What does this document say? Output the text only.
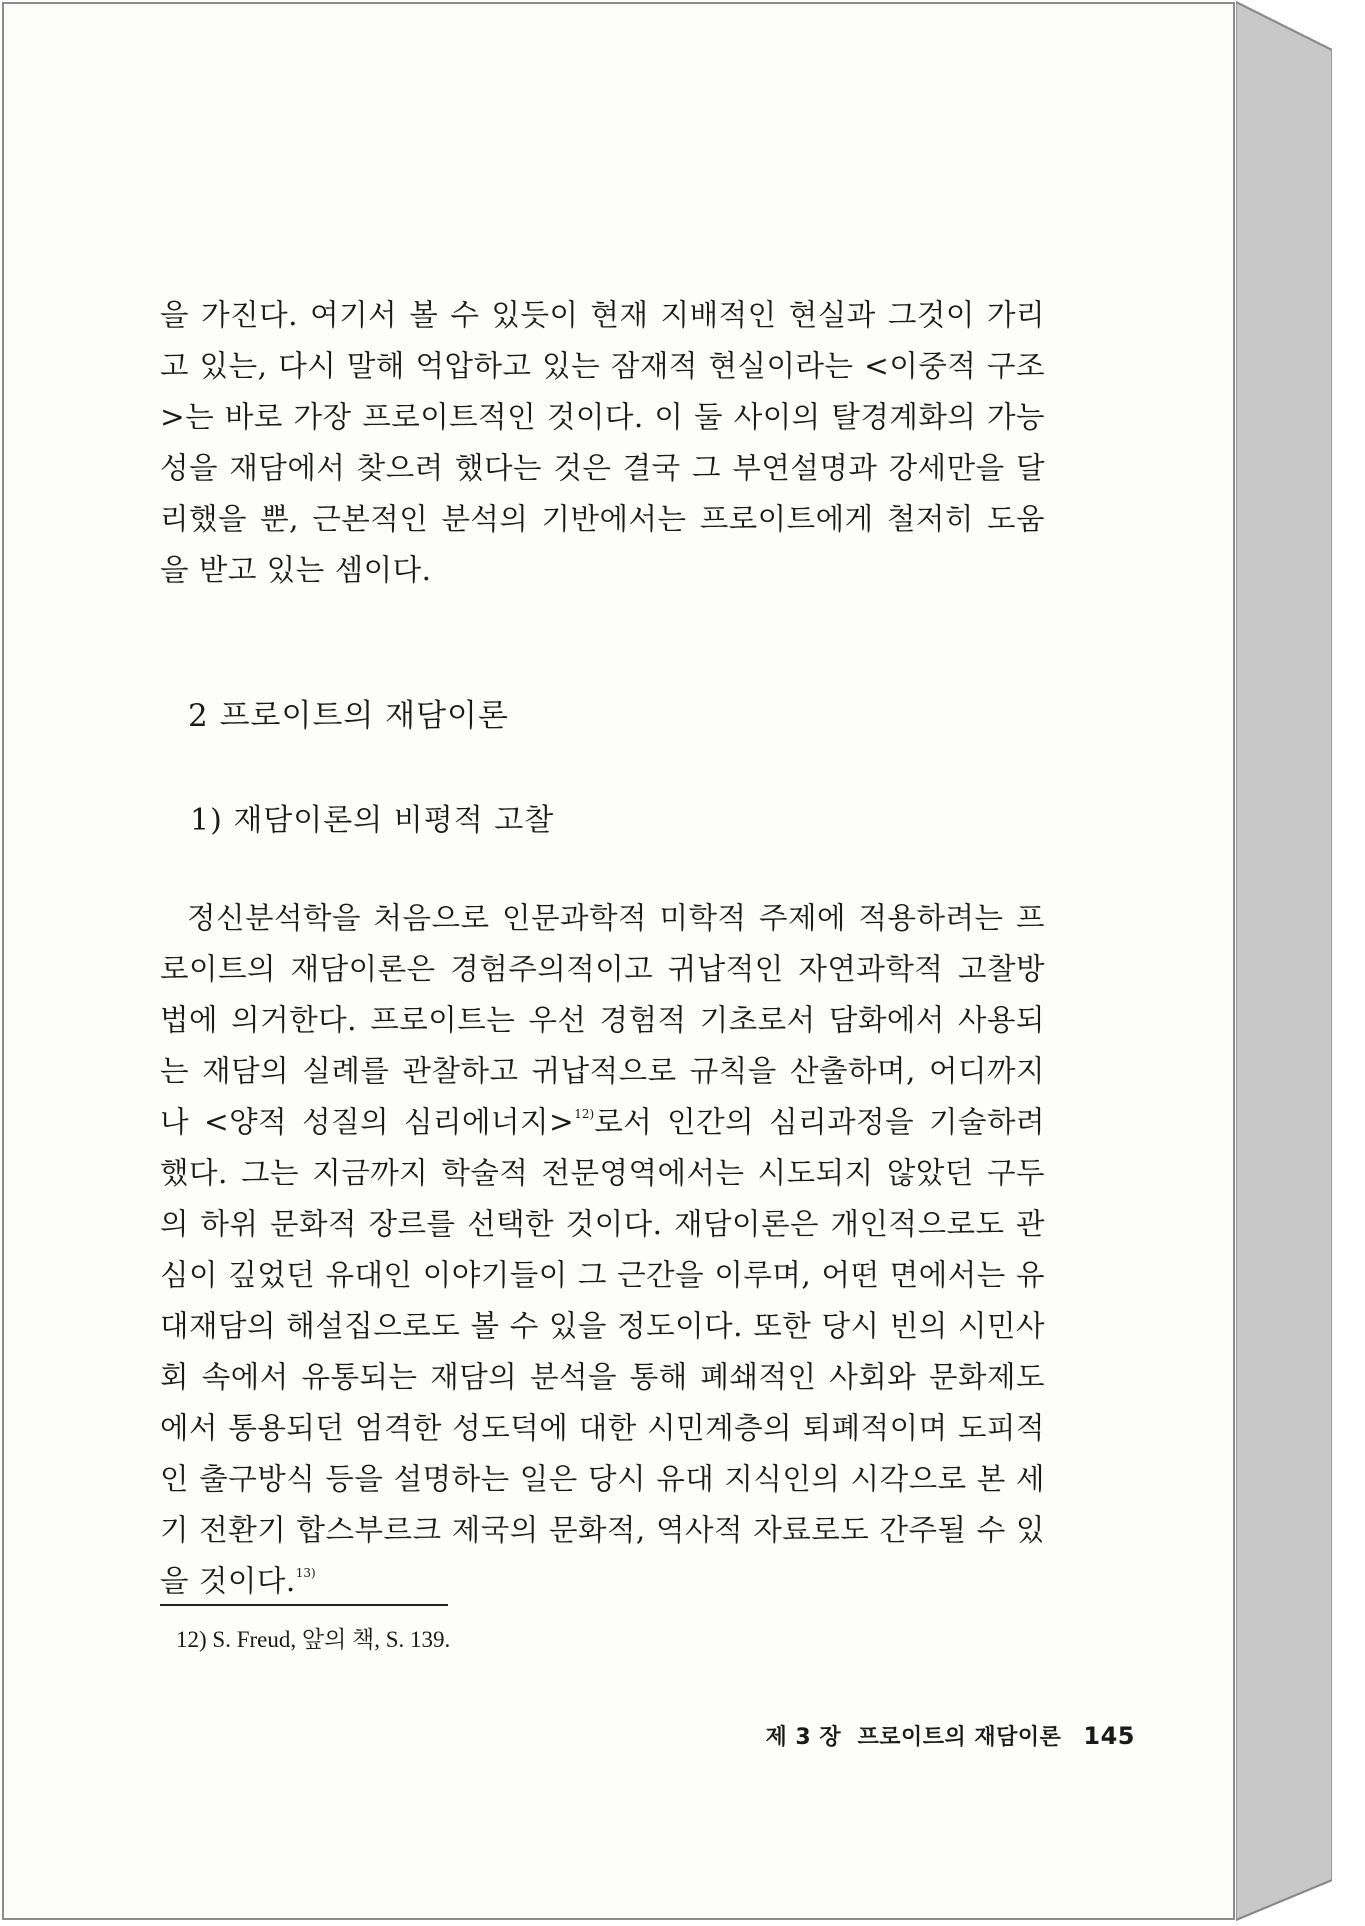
을 가진다. 여기서 볼 수 있듯이 현재 지배적인 현실과 그것이 가리고 있는, 다시 말해 억압하고 있는 잠재적 현실이라는 <이중적 구조>는 바로 가장 프로이트적인 것이다. 이 둘 사이의 탈경계화의 가능성을 재담에서 찾으려 했다는 것은 결국 그 부연설명과 강세만을 달리했을 뿐, 근본적인 분석의 기반에서는 프로이트에게 철저히 도움을 받고 있는 셈이다.

2 프로이트의 재담이론
1) 재담이론의 비평적 고찰

정신분석학을 처음으로 인문과학적 미학적 주제에 적용하려는 프로이트의 재담이론은 경험주의적이고 귀납적인 자연과학적 고찰방법에 의거한다. 프로이트는 우선 경험적 기초로서 담화에서 사용되는 재담의 실례를 관찰하고 귀납적으로 규칙을 산출하며, 어디까지나 <양적 성질의 심리에너지>$^{12)}$로서 인간의 심리과정을 기술하려 했다. 그는 지금까지 학술적 전문영역에서는 시도되지 않았던 구두의 하위 문화적 장르를 선택한 것이다. 재담이론은 개인적으로도 관심이 깊었던 유대인 이야기들이 그 근간을 이루며, 어떤 면에서는 유대재담의 해설집으로도 볼 수 있을 정도이다. 또한 당시 빈의 시민사회 속에서 유통되는 재담의 분석을 통해 폐쇄적인 사회와 문화제도에서 통용되던 엄격한 성도덕에 대한 시민계층의 퇴폐적이며 도피적인 출구방식 등을 설명하는 일은 당시 유대 지식인의 시각으로 본 세기 전환기 합스부르크 제국의 문화적, 역사적 자료로도 간주될 수 있을 것이다.$^{13)}$

12) S. Freud, 앞의 책, S. 139.

제 3 장 프로이트의 재담이론 145
